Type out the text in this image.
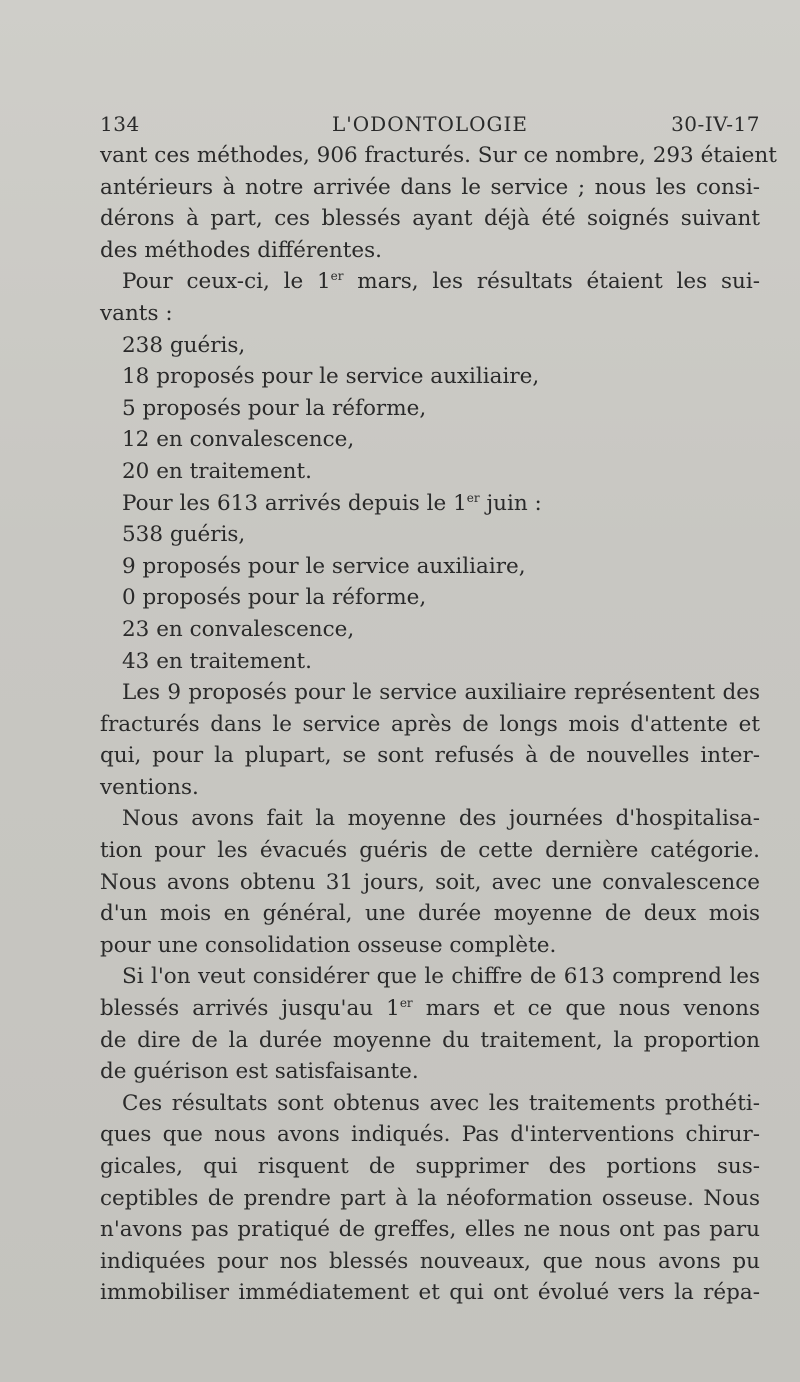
134	L'ODONTOLOGIE	30-IV-17
vant ces méthodes, 906 fracturés. Sur ce nombre, 293 étaient
antérieurs à notre arrivée dans le service ; nous les consi-
dérons à part, ces blessés ayant déjà été soignés suivant
des méthodes différentes.
Pour ceux-ci, le 1er mars, les résultats étaient les sui-
vants :
238 guéris,
18 proposés pour le service auxiliaire,
5 proposés pour la réforme,
12 en convalescence,
20 en traitement.
Pour les 613 arrivés depuis le 1er juin :
538 guéris,
9 proposés pour le service auxiliaire,
0 proposés pour la réforme,
23 en convalescence,
43 en traitement.
Les 9 proposés pour le service auxiliaire représentent des
fracturés dans le service après de longs mois d'attente et
qui, pour la plupart, se sont refusés à de nouvelles inter-
ventions.
Nous avons fait la moyenne des journées d'hospitalisa-
tion pour les évacués guéris de cette dernière catégorie.
Nous avons obtenu 31 jours, soit, avec une convalescence
d'un mois en général, une durée moyenne de deux mois
pour une consolidation osseuse complète.
Si l'on veut considérer que le chiffre de 613 comprend les
blessés arrivés jusqu'au 1er mars et ce que nous venons
de dire de la durée moyenne du traitement, la proportion
de guérison est satisfaisante.
Ces résultats sont obtenus avec les traitements prothéti-
ques que nous avons indiqués. Pas d'interventions chirur-
gicales, qui risquent de supprimer des portions sus-
ceptibles de prendre part à la néoformation osseuse. Nous
n'avons pas pratiqué de greffes, elles ne nous ont pas paru
indiquées pour nos blessés nouveaux, que nous avons pu
immobiliser immédiatement et qui ont évolué vers la répa-
